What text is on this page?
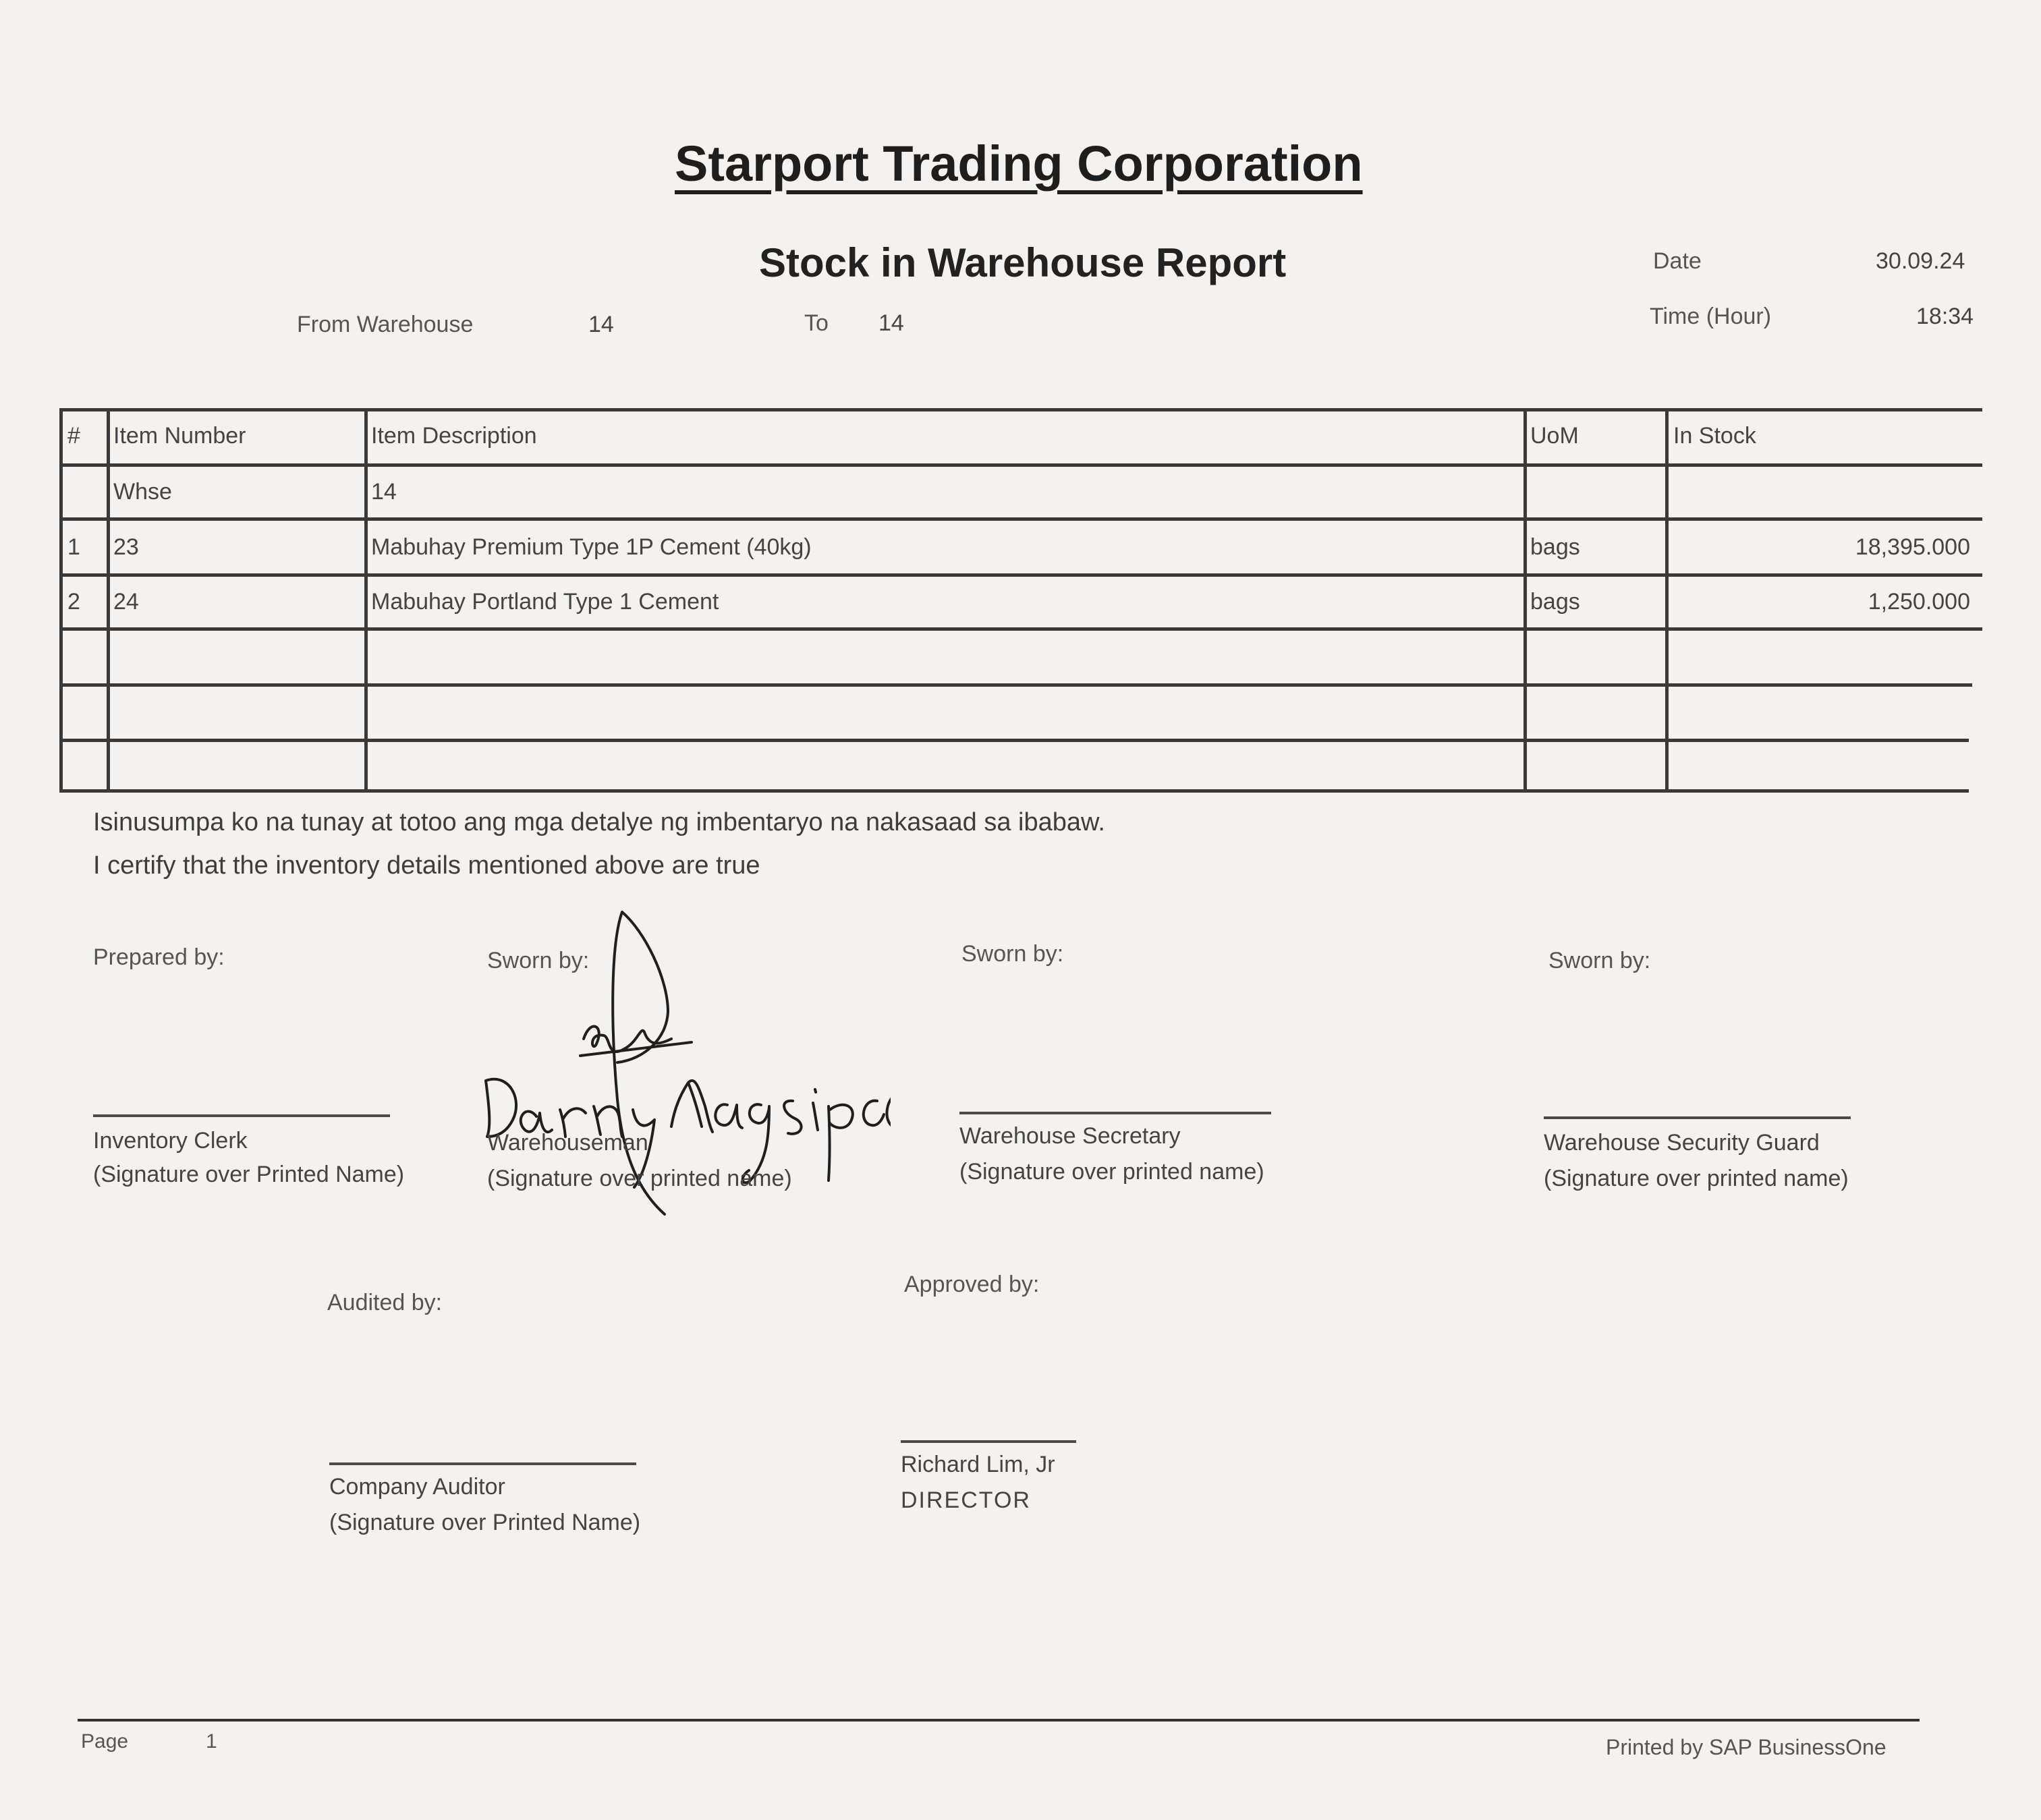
Starport Trading Corporation
Stock in Warehouse Report	Date	30.09.24
Time (Hour)	18:34
From Warehouse	14	To 14
# Item Number	Item Description	UoM	In Stock
Whse	14
1 23	Mabuhay Premium Type 1P Cement (40kg)	bags	18,395.000
2 24	Mabuhay Portland Type 1 Cement	bags	1,250.000
Isinusumpa ko na tunay at totoo ang mga detalye ng imbentaryo na nakasaad sa ibabaw.
I certify that the inventory details mentioned above are true
Prepared by:	Sworn by:	Sworn by:	Sworn by:
Inventory Clerk
(Signature over Printed Name)
Warehouseman
(Signature over printed name)
Warehouse Secretary
(Signature over printed name)
Warehouse Security Guard
(Signature over printed name)
Audited by:
Approved by:
Company Auditor
(Signature over Printed Name)
Richard Lim, Jr
DIRECTOR
Page	1	Printed by SAP BusinessOne
